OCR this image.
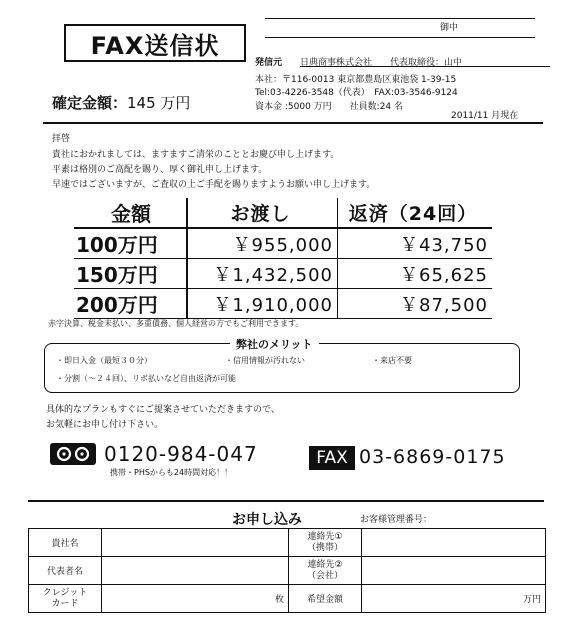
FAX送信状
御中
発信元 日典商事株式会社　　代表取締役：山中
本社：〒116-0013 東京都豊島区東池袋 1-39-15
Tel:03-4226-3548（代表）　FAX:03-3546-9124
資本金 :5000 万円　　社員数:24 名
2011/11 月現在
確定金額：145 万円
拝啓
貴社におかれましては、ますますご清栄のこととお慶び申し上げます。
平素は格別のご高配を賜り、厚く御礼申し上げます。
早速ではございますが、ご査収の上ご手配を賜りますようお願い申し上げます。
金額	お渡し	返済（24回）
100万円	￥955,000	￥43,750
150万円	￥1,432,500	￥65,625
200万円	￥1,910,000	￥87,500
赤字決算、税金未払い、多重債務、個人経営の方でもご利用できます。
弊社のメリット
・即日入金（最短３０分）	・信用情報が汚れない	・来店不要
・分割（～２４回）、リボ払いなど自由返済が可能
具体的なプランもすぐにご提案させていただきますので、
お気軽にお申し付け下さい。
0120-984-047
携帯・PHSからも24時間対応！！
FAX 03-6869-0175
お申し込み	お客様管理番号：
貴社名		連絡先①
（携帯）	
代表者名		連絡先②
（会社）	
クレジット
カード	枚	希望金額	万円
